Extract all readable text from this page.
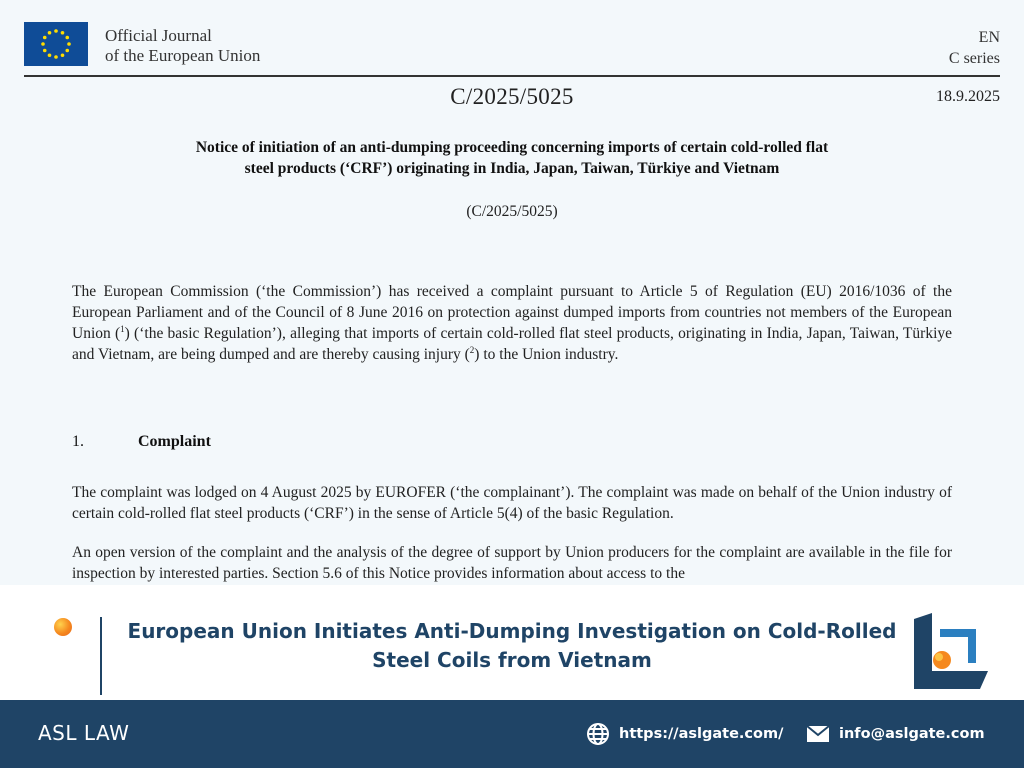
Official Journal
of the European Union
EN
C series
C/2025/5025	18.9.2025
Notice of initiation of an anti-dumping proceeding concerning imports of certain cold-rolled flat
steel products (‘CRF’) originating in India, Japan, Taiwan, Türkiye and Vietnam
(C/2025/5025)

The European Commission (‘the Commission’) has received a complaint pursuant to Article 5 of Regulation (EU) 2016/1036 of the European Parliament and of the Council of 8 June 2016 on protection against dumped imports from countries not members of the European Union ($^1$) (‘the basic Regulation’), alleging that imports of certain cold-rolled flat steel products, originating in India, Japan, Taiwan, Türkiye and Vietnam, are being dumped and are thereby causing injury ($^2$) to the Union industry.

1.	Complaint

The complaint was lodged on 4 August 2025 by EUROFER (‘the complainant’). The complaint was made on behalf of the Union industry of certain cold-rolled flat steel products (‘CRF’) in the sense of Article 5(4) of the basic Regulation.

An open version of the complaint and the analysis of the degree of support by Union producers for the complaint are available in the file for inspection by interested parties. Section 5.6 of this Notice provides information about access to the

European Union Initiates Anti-Dumping Investigation on Cold-Rolled Steel Coils from Vietnam
ASL LAW	https://aslgate.com/	info@aslgate.com
